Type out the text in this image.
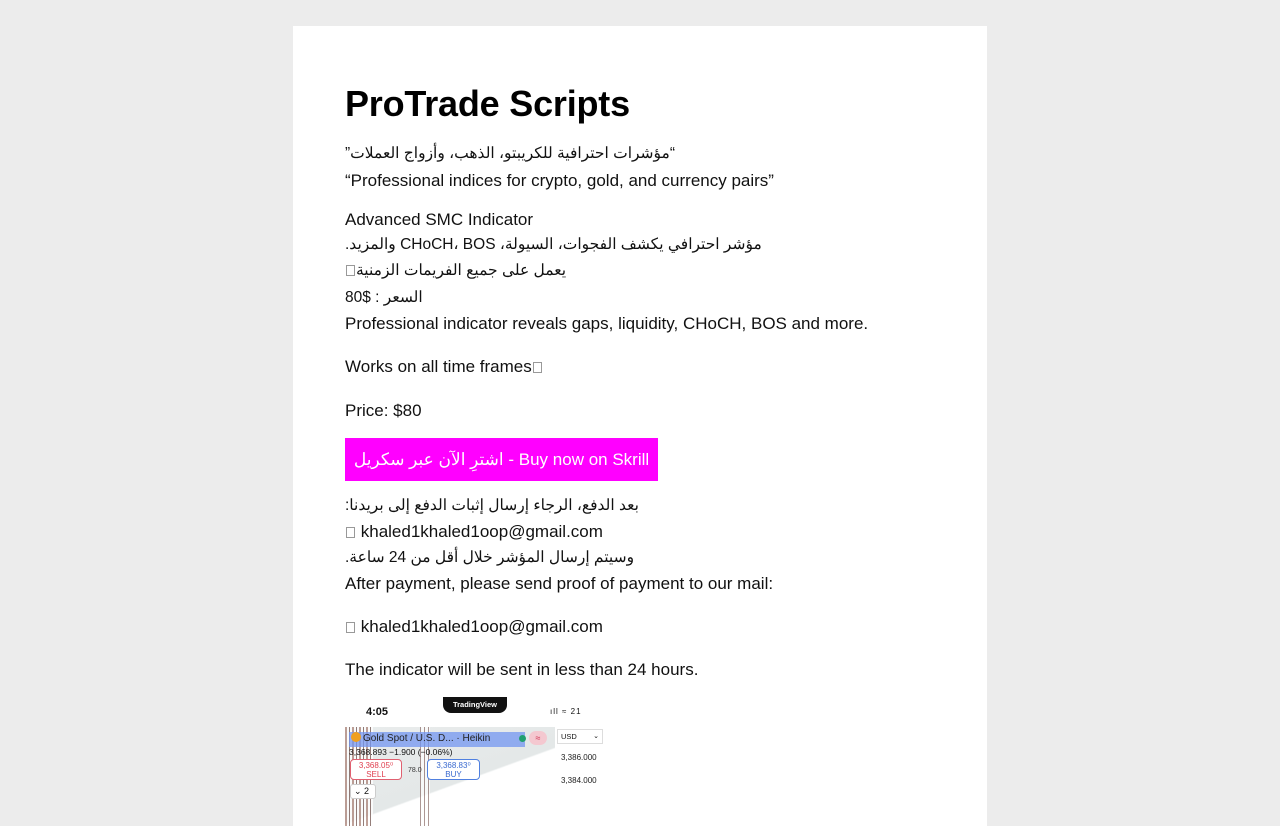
ProTrade Scripts

“مؤشرات احترافية للكريبتو، الذهب، وأزواج العملات”

“Professional indices for crypto, gold, and currency pairs”

Advanced SMC Indicator

مؤشر احترافي يكشف الفجوات، السيولة، CHoCH، BOS والمزيد.

يعمل على جميع الفريمات الزمنية

السعر : $80

Professional indicator reveals gaps, liquidity, CHoCH, BOS and more.

Works on all time frames

Price: $80

اشترِ الآن عبر سكريل - Buy now on Skrill

بعد الدفع، الرجاء إرسال إثبات الدفع إلى بريدنا:

khaled1khaled1oop@gmail.com

وسيتم إرسال المؤشر خلال أقل من 24 ساعة.

After payment, please send proof of payment to our mail:

khaled1khaled1oop@gmail.com

The indicator will be sent in less than 24 hours.

4:05
TradingView
ıll ≈ 21
Gold Spot / U.S. D... · Heikin	≈
3,368.893 −1.900 (−0.06%)
3,368.05⁰
SELL	78.0
3,368.83⁰
BUY
⌄ 2
USD ⌄
3,386.000
3,384.000
